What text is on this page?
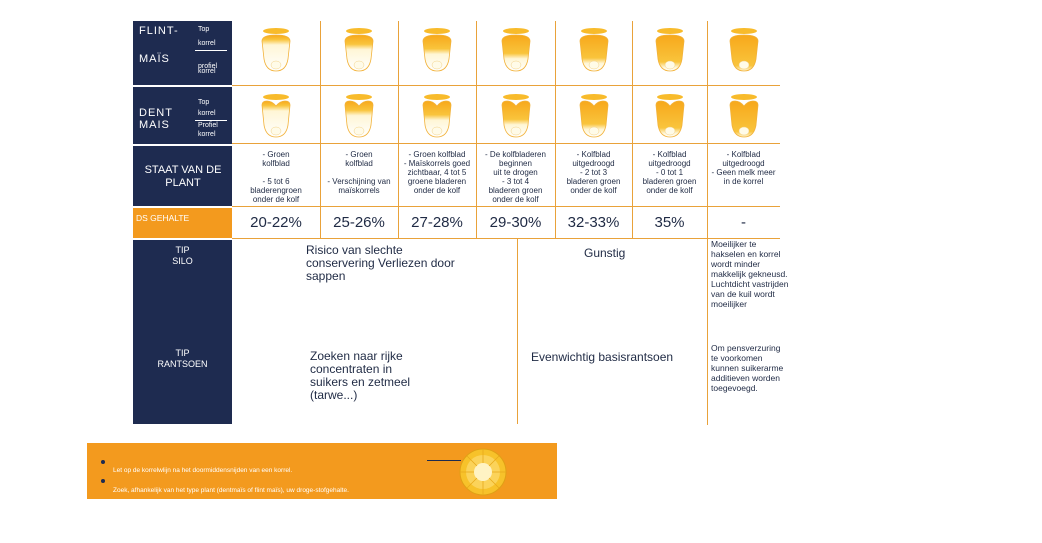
FLINT-
MAÏS
Top
korrel
profiel
korrel
DENT
MAIS
Top
korrel
Profiel
korrel
STAAT VAN DE PLANT
DS GEHALTE
TIP SILO
TIP RANTSOEN
- Groen
kolfblad
- 5 tot 6
bladerengroen
onder de kolf
20-22%
- Groen
kolfblad
- Verschijning van
maïskorrels
25-26%
- Groen kolfblad
- Maïskorrels goed
zichtbaar, 4 tot 5
groene bladeren
onder de kolf
27-28%
- De kolfbladeren
beginnen
uit te drogen
- 3 tot 4
bladeren groen
onder de kolf
29-30%
- Kolfblad
uitgedroogd
- 2 tot 3
bladeren groen
onder de kolf
32-33%
- Kolfblad
uitgedroogd
- 0 tot 1
bladeren groen
onder de kolf
35%
- Kolfblad
uitgedroogd
- Geen melk meer
in de korrel
-
Risico van slechte conservering Verliezen door sappen
Gunstig
Zoeken naar rijke concentraten in suikers en zetmeel (tarwe...)
Evenwichtig basisrantsoen
Moeilijker te hakselen en korrel wordt minder makkelijk gekneusd. Luchtdicht vastrijden van de kuil wordt moeilijker
Om pensverzuring te voorkomen kunnen suikerarme additieven worden toegevoegd.
Let op de korrelwlijn na het doormiddensnijden van een korrel.
Zoek, afhankelijk van het type plant (dentmaïs of flint maïs), uw droge-stofgehalte.
